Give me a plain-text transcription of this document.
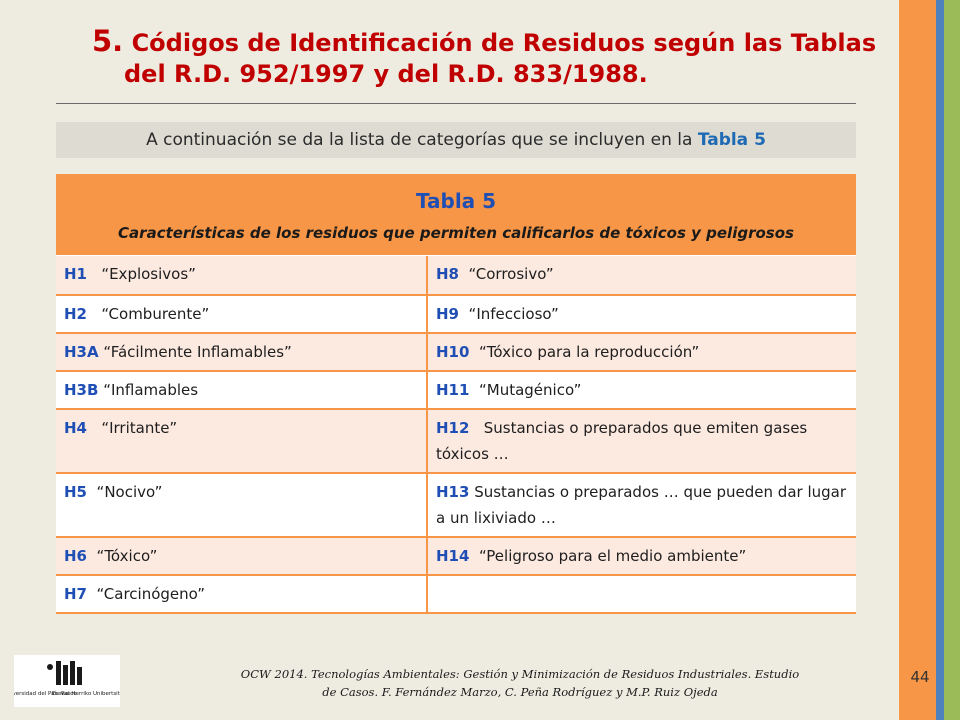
5. Códigos de Identificación de Residuos según las Tablas
del R.D. 952/1997 y del R.D. 833/1988.
A continuación se da la lista de categorías que se incluyen en la Tabla 5
Tabla 5
Características de los residuos que permiten calificarlos de tóxicos y peligrosos
H1 “Explosivos”	H8 “Corrosivo”
H2 “Comburente”	H9 “Infeccioso”
H3A “Fácilmente Inflamables”	H10 “Tóxico para la reproducción”
H3B “Inflamables	H11 “Mutagénico”
H4 “Irritante”	H12 Sustancias o preparados que emiten gases tóxicos …
H5 “Nocivo”	H13 Sustancias o preparados … que pueden dar lugar a un lixiviado …
H6 “Tóxico”	H14 “Peligroso para el medio ambiente”
H7 “Carcinógeno”
versidad del País Vasco
Euskal Herriko Unibertsit
OCW 2014. Tecnologías Ambientales: Gestión y Minimización de Residuos Industriales. Estudio
de Casos. F. Fernández Marzo, C. Peña Rodríguez y M.P. Ruiz Ojeda
44
